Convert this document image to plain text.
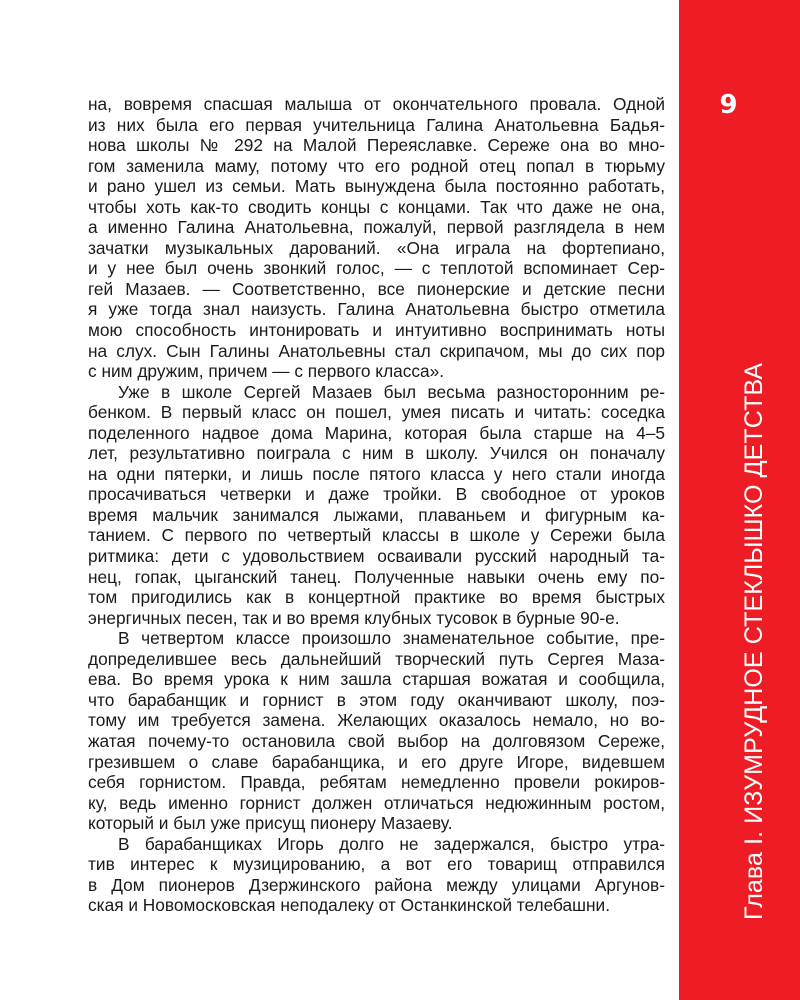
9
Глава I. ИЗУМРУДНОЕ СТЕКЛЫШКО ДЕТСТВА
на, вовремя спасшая малыша от окончательного провала. Одной
из них была его первая учительница Галина Анатольевна Бадья-
нова школы № 292 на Малой Переяславке. Сереже она во мно-
гом заменила маму, потому что его родной отец попал в тюрьму
и рано ушел из семьи. Мать вынуждена была постоянно работать,
чтобы хоть как-то сводить концы с концами. Так что даже не она,
а именно Галина Анатольевна, пожалуй, первой разглядела в нем
зачатки музыкальных дарований. «Она играла на фортепиано,
и у нее был очень звонкий голос, — с теплотой вспоминает Сер-
гей Мазаев. — Соответственно, все пионерские и детские песни
я уже тогда знал наизусть. Галина Анатольевна быстро отметила
мою способность интонировать и интуитивно воспринимать ноты
на слух. Сын Галины Анатольевны стал скрипачом, мы до сих пор
с ним дружим, причем — с первого класса».
Уже в школе Сергей Мазаев был весьма разносторонним ре-
бенком. В первый класс он пошел, умея писать и читать: соседка
поделенного надвое дома Марина, которая была старше на 4–5
лет, результативно поиграла с ним в школу. Учился он поначалу
на одни пятерки, и лишь после пятого класса у него стали иногда
просачиваться четверки и даже тройки. В свободное от уроков
время мальчик занимался лыжами, плаваньем и фигурным ка-
танием. С первого по четвертый классы в школе у Сережи была
ритмика: дети с удовольствием осваивали русский народный та-
нец, гопак, цыганский танец. Полученные навыки очень ему по-
том пригодились как в концертной практике во время быстрых
энергичных песен, так и во время клубных тусовок в бурные 90-е.
В четвертом классе произошло знаменательное событие, пре-
допределившее весь дальнейший творческий путь Сергея Маза-
ева. Во время урока к ним зашла старшая вожатая и сообщила,
что барабанщик и горнист в этом году оканчивают школу, поэ-
тому им требуется замена. Желающих оказалось немало, но во-
жатая почему-то остановила свой выбор на долговязом Сереже,
грезившем о славе барабанщика, и его друге Игоре, видевшем
себя горнистом. Правда, ребятам немедленно провели рокиров-
ку, ведь именно горнист должен отличаться недюжинным ростом,
который и был уже присущ пионеру Мазаеву.
В барабанщиках Игорь долго не задержался, быстро утра-
тив интерес к музицированию, а вот его товарищ отправился
в Дом пионеров Дзержинского района между улицами Аргунов-
ская и Новомосковская неподалеку от Останкинской телебашни.
